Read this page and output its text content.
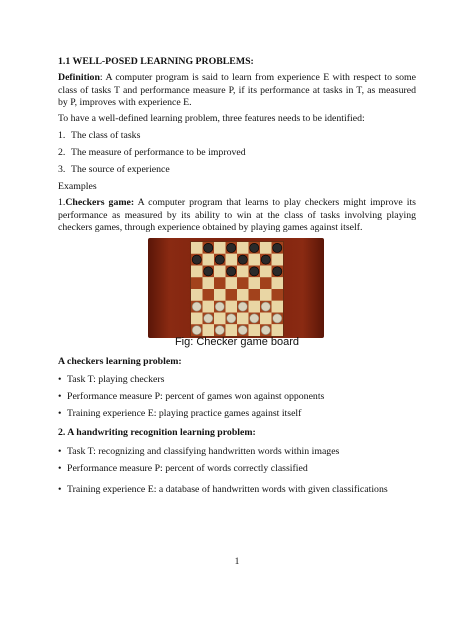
1.1 WELL-POSED LEARNING PROBLEMS:
Definition: A computer program is said to learn from experience E with respect to some class of tasks T and performance measure P, if its performance at tasks in T, as measured by P, improves with experience E.
To have a well-defined learning problem, three features needs to be identified:
1. The class of tasks
2. The measure of performance to be improved
3. The source of experience
Examples
1.Checkers game: A computer program that learns to play checkers might improve its performance as measured by its ability to win at the class of tasks involving playing checkers games, through experience obtained by playing games against itself.
Fig: Checker game board
A checkers learning problem:
• Task T: playing checkers
• Performance measure P: percent of games won against opponents
• Training experience E: playing practice games against itself
2. A handwriting recognition learning problem:
• Task T: recognizing and classifying handwritten words within images
• Performance measure P: percent of words correctly classified
• Training experience E: a database of handwritten words with given classifications
1
